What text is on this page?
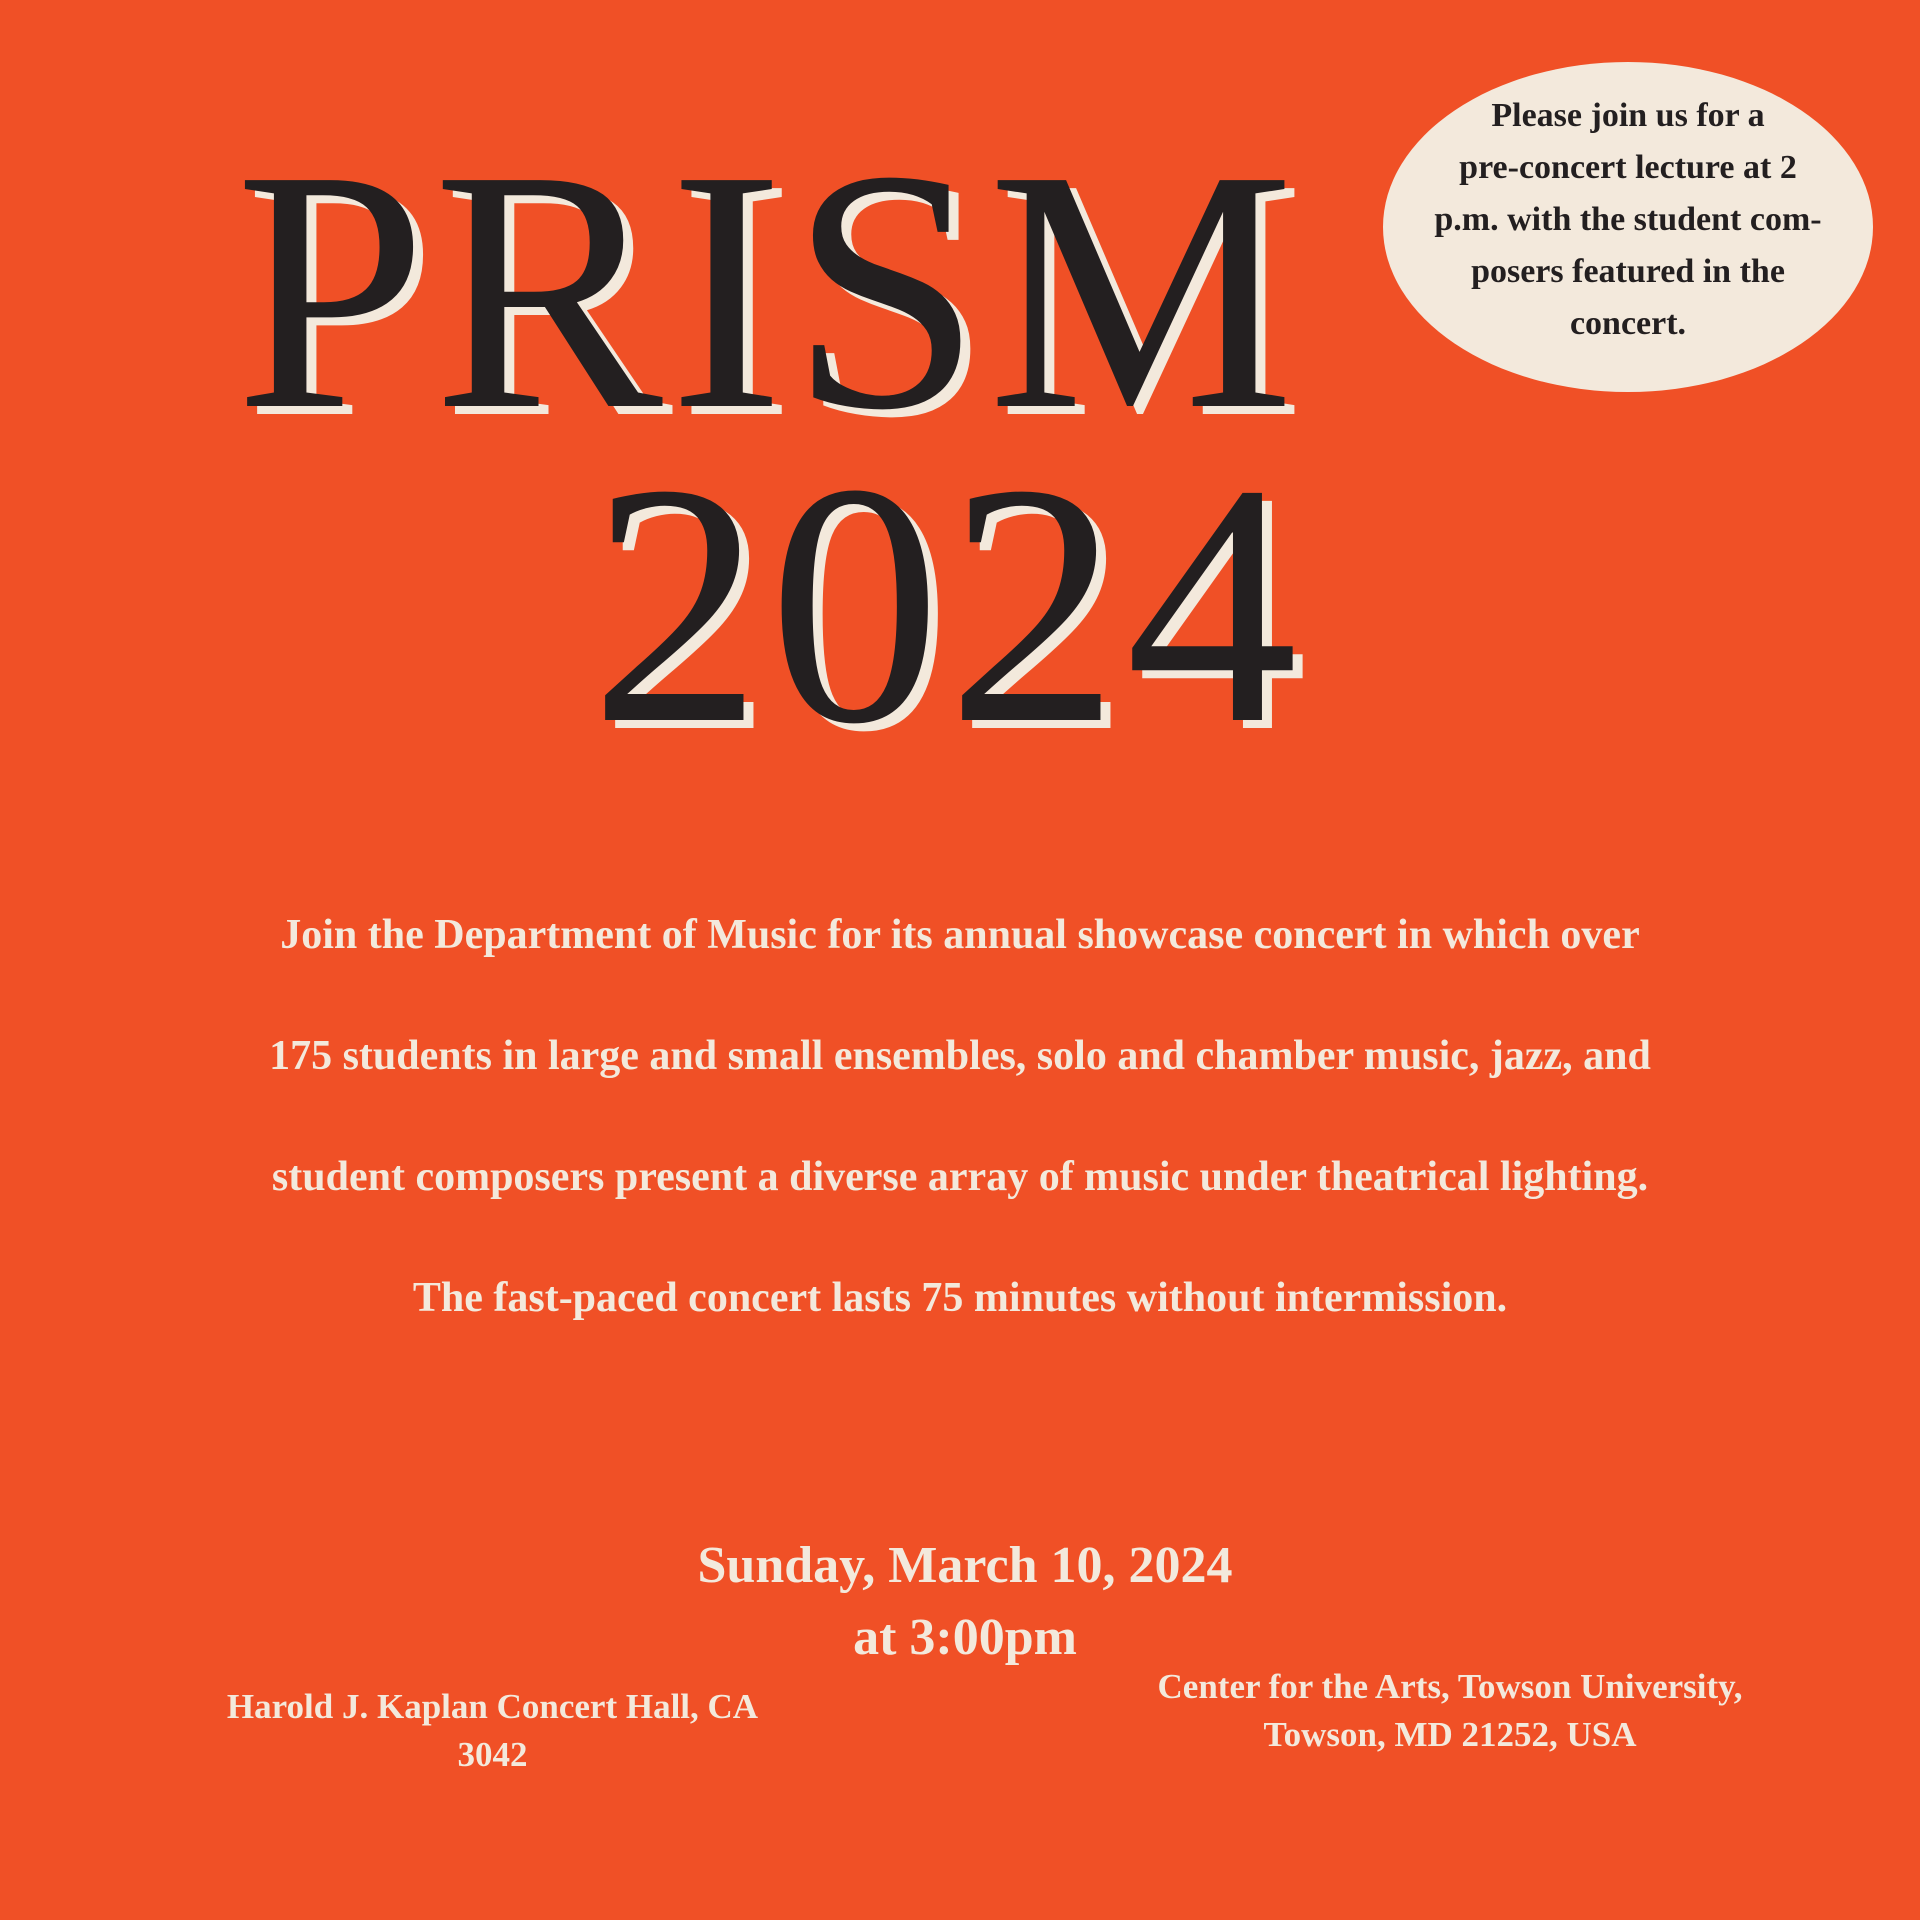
PRISM
2024
Please join us for a
pre-concert lecture at 2
p.m. with the student com-
posers featured in the
concert.
Join the Department of Music for its annual showcase concert in which over
175 students in large and small ensembles, solo and chamber music, jazz, and
student composers present a diverse array of music under theatrical lighting.
The fast-paced concert lasts 75 minutes without intermission.
Sunday, March 10, 2024
at 3:00pm
Harold J. Kaplan Concert Hall, CA
3042
Center for the Arts, Towson University,
Towson, MD 21252, USA
